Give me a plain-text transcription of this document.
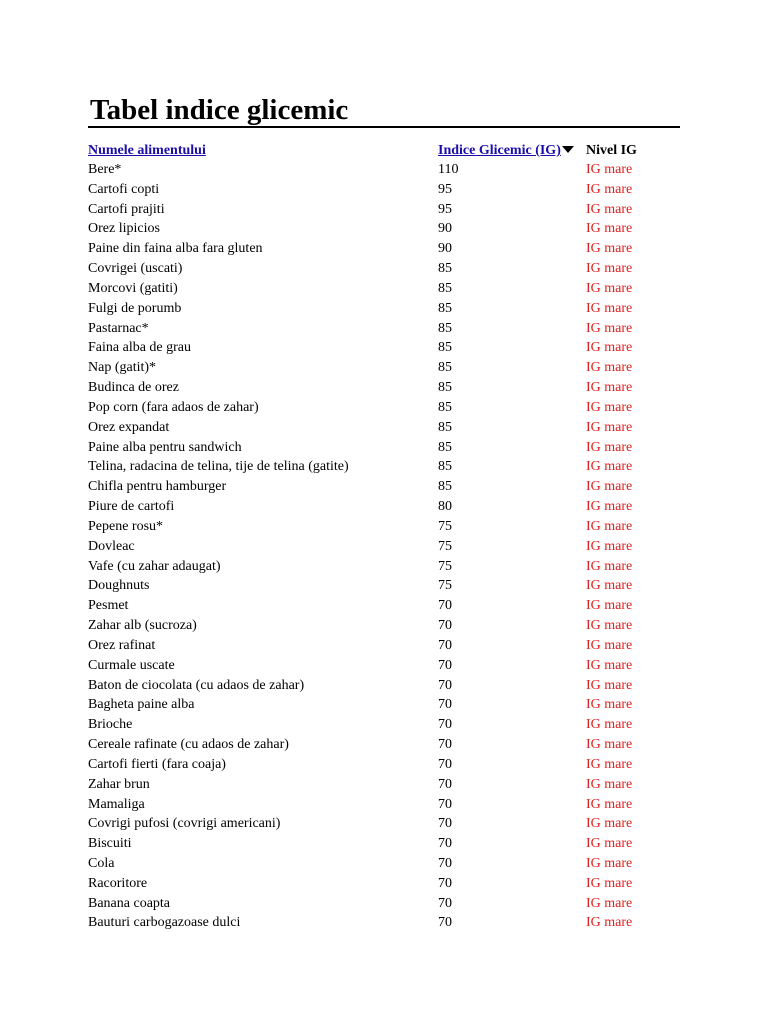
Tabel indice glicemic
Numele alimentului	Indice Glicemic (IG)	Nivel IG
Bere*	110	IG mare
Cartofi copti	95	IG mare
Cartofi prajiti	95	IG mare
Orez lipicios	90	IG mare
Paine din faina alba fara gluten	90	IG mare
Covrigei (uscati)	85	IG mare
Morcovi (gatiti)	85	IG mare
Fulgi de porumb	85	IG mare
Pastarnac*	85	IG mare
Faina alba de grau	85	IG mare
Nap (gatit)*	85	IG mare
Budinca de orez	85	IG mare
Pop corn (fara adaos de zahar)	85	IG mare
Orez expandat	85	IG mare
Paine alba pentru sandwich	85	IG mare
Telina, radacina de telina, tije de telina (gatite)	85	IG mare
Chifla pentru hamburger	85	IG mare
Piure de cartofi	80	IG mare
Pepene rosu*	75	IG mare
Dovleac	75	IG mare
Vafe (cu zahar adaugat)	75	IG mare
Doughnuts	75	IG mare
Pesmet	70	IG mare
Zahar alb (sucroza)	70	IG mare
Orez rafinat	70	IG mare
Curmale uscate	70	IG mare
Baton de ciocolata (cu adaos de zahar)	70	IG mare
Bagheta paine alba	70	IG mare
Brioche	70	IG mare
Cereale rafinate (cu adaos de zahar)	70	IG mare
Cartofi fierti (fara coaja)	70	IG mare
Zahar brun	70	IG mare
Mamaliga	70	IG mare
Covrigi pufosi (covrigi americani)	70	IG mare
Biscuiti	70	IG mare
Cola	70	IG mare
Racoritore	70	IG mare
Banana coapta	70	IG mare
Bauturi carbogazoase dulci	70	IG mare
